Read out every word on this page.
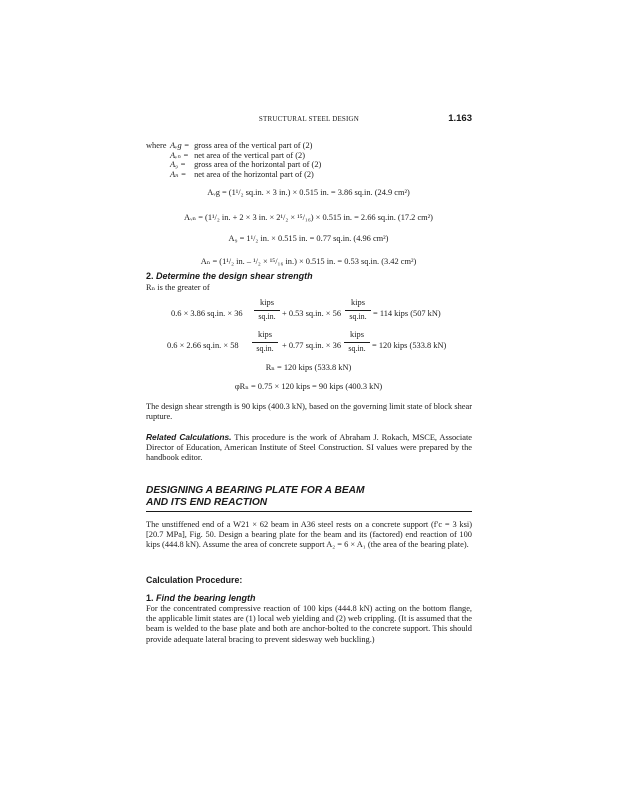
STRUCTURAL STEEL DESIGN	1.163
where Aᵥg = gross area of the vertical part of (2)
Aᵥₙ = net area of the vertical part of (2)
A₉ = gross area of the horizontal part of (2)
Aₙ = net area of the horizontal part of (2)
Aᵥg = (1¹/₂ sq.in. × 3 in.) × 0.515 in. = 3.86 sq.in. (24.9 cm²)
Aᵥₙ = (1¹/₂ in. + 2 × 3 in. × 2¹/₂ × ¹⁵/₁₆) × 0.515 in. = 2.66 sq.in. (17.2 cm²)
A₉ = 1¹/₂ in. × 0.515 in. = 0.77 sq.in. (4.96 cm²)
Aₙ = (1¹/₂ in. – ¹/₂ × ¹⁵/₁₆ in.) × 0.515 in. = 0.53 sq.in. (3.42 cm²)
2. Determine the design shear strength
Rₙ is the greater of
0.6 × 3.86 sq.in. × 36
kips
sq.in. + 0.53 sq.in. × 56
kips
sq.in. = 114 kips (507 kN)
0.6 × 2.66 sq.in. × 58
kips
sq.in. + 0.77 sq.in. × 36
kips
sq.in. = 120 kips (533.8 kN)
Rₙ = 120 kips (533.8 kN)
φRₙ = 0.75 × 120 kips = 90 kips (400.3 kN)
The design shear strength is 90 kips (400.3 kN), based on the governing limit state of block shear rupture.
Related Calculations. This procedure is the work of Abraham J. Rokach, MSCE, Associate Director of Education, American Institute of Steel Construction. SI values were prepared by the handbook editor.
DESIGNING A BEARING PLATE FOR A BEAM
AND ITS END REACTION
The unstiffened end of a W21 × 62 beam in A36 steel rests on a concrete support (f′c = 3 ksi) [20.7 MPa], Fig. 50. Design a bearing plate for the beam and its (factored) end reaction of 100 kips (444.8 kN). Assume the area of concrete support A₂ = 6 × A₁ (the area of the bearing plate).
Calculation Procedure:
1. Find the bearing length
For the concentrated compressive reaction of 100 kips (444.8 kN) acting on the bottom flange, the applicable limit states are (1) local web yielding and (2) web crippling. (It is assumed that the beam is welded to the base plate and both are anchor-bolted to the concrete support. This should provide adequate lateral bracing to prevent sidesway web buckling.)
